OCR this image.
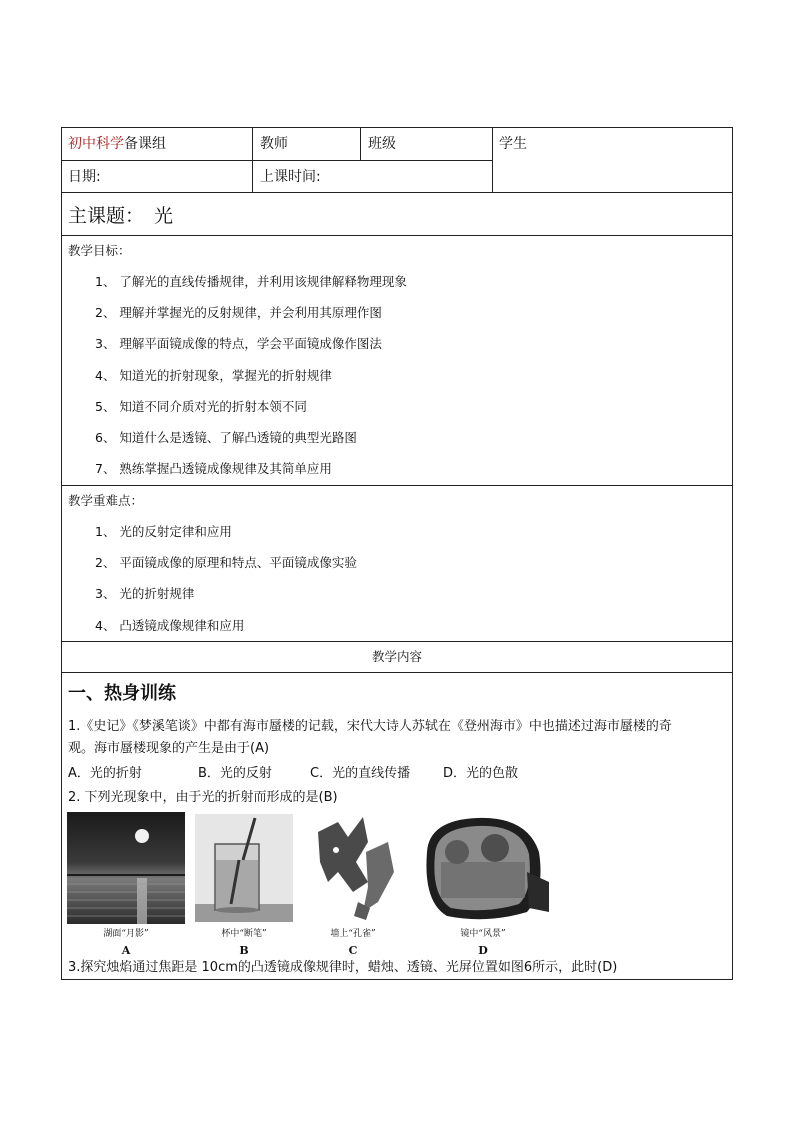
初中科学备课组	教师	班级	学生
日期:	上课时间:
主课题： 光
教学目标：
1、 了解光的直线传播规律，并利用该规律解释物理现象
2、 理解并掌握光的反射规律，并会利用其原理作图
3、 理解平面镜成像的特点，学会平面镜成像作图法
4、 知道光的折射现象，掌握光的折射规律
5、 知道不同介质对光的折射本领不同
6、 知道什么是透镜、了解凸透镜的典型光路图
7、 熟练掌握凸透镜成像规律及其简单应用
教学重难点：
1、 光的反射定律和应用
2、 平面镜成像的原理和特点、平面镜成像实验
3、 光的折射规律
4、 凸透镜成像规律和应用
教学内容
一、热身训练
1.《史记》《梦溪笔谈》中都有海市蜃楼的记载，宋代大诗人苏轼在《登州海市》中也描述过海市蜃楼的奇
观。海市蜃楼现象的产生是由于(A)
A．光的折射	B．光的反射	C．光的直线传播	D．光的色散
2. 下列光现象中，由于光的折射而形成的是(B)
湖面“月影”	杯中“断笔”	墙上“孔雀”	镜中“风景”
A	B	C	D
3.探究烛焰通过焦距是 10cm的凸透镜成像规律时，蜡烛、透镜、光屏位置如图6所示，此时(D)
